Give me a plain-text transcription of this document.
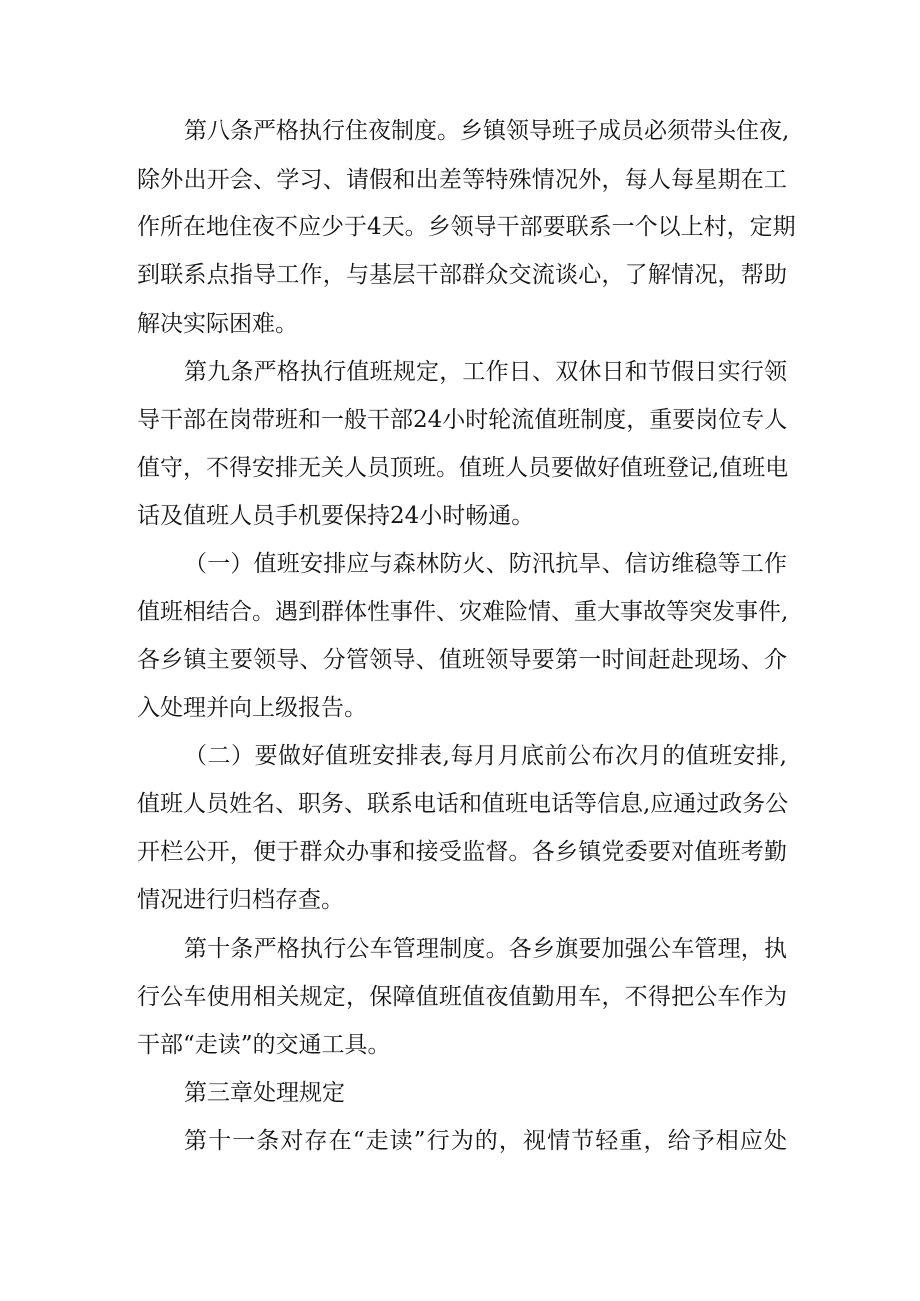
第八条严格执行住夜制度。乡镇领导班子成员必须带头住夜,
除外出开会、学习、请假和出差等特殊情况外，每人每星期在工
作所在地住夜不应少于4天。乡领导干部要联系一个以上村，定期
到联系点指导工作，与基层干部群众交流谈心，了解情况，帮助
解决实际困难。
第九条严格执行值班规定，工作日、双休日和节假日实行领
导干部在岗带班和一般干部24小时轮流值班制度，重要岗位专人
值守，不得安排无关人员顶班。值班人员要做好值班登记,值班电
话及值班人员手机要保持24小时畅通。
（一）值班安排应与森林防火、防汛抗旱、信访维稳等工作
值班相结合。遇到群体性事件、灾难险情、重大事故等突发事件,
各乡镇主要领导、分管领导、值班领导要第一时间赶赴现场、介
入处理并向上级报告。
（二）要做好值班安排表,每月月底前公布次月的值班安排,
值班人员姓名、职务、联系电话和值班电话等信息,应通过政务公
开栏公开，便于群众办事和接受监督。各乡镇党委要对值班考勤
情况进行归档存查。
第十条严格执行公车管理制度。各乡旗要加强公车管理，执
行公车使用相关规定，保障值班值夜值勤用车，不得把公车作为
干部“走读”的交通工具。
第三章处理规定
第十一条对存在“走读”行为的，视情节轻重，给予相应处
